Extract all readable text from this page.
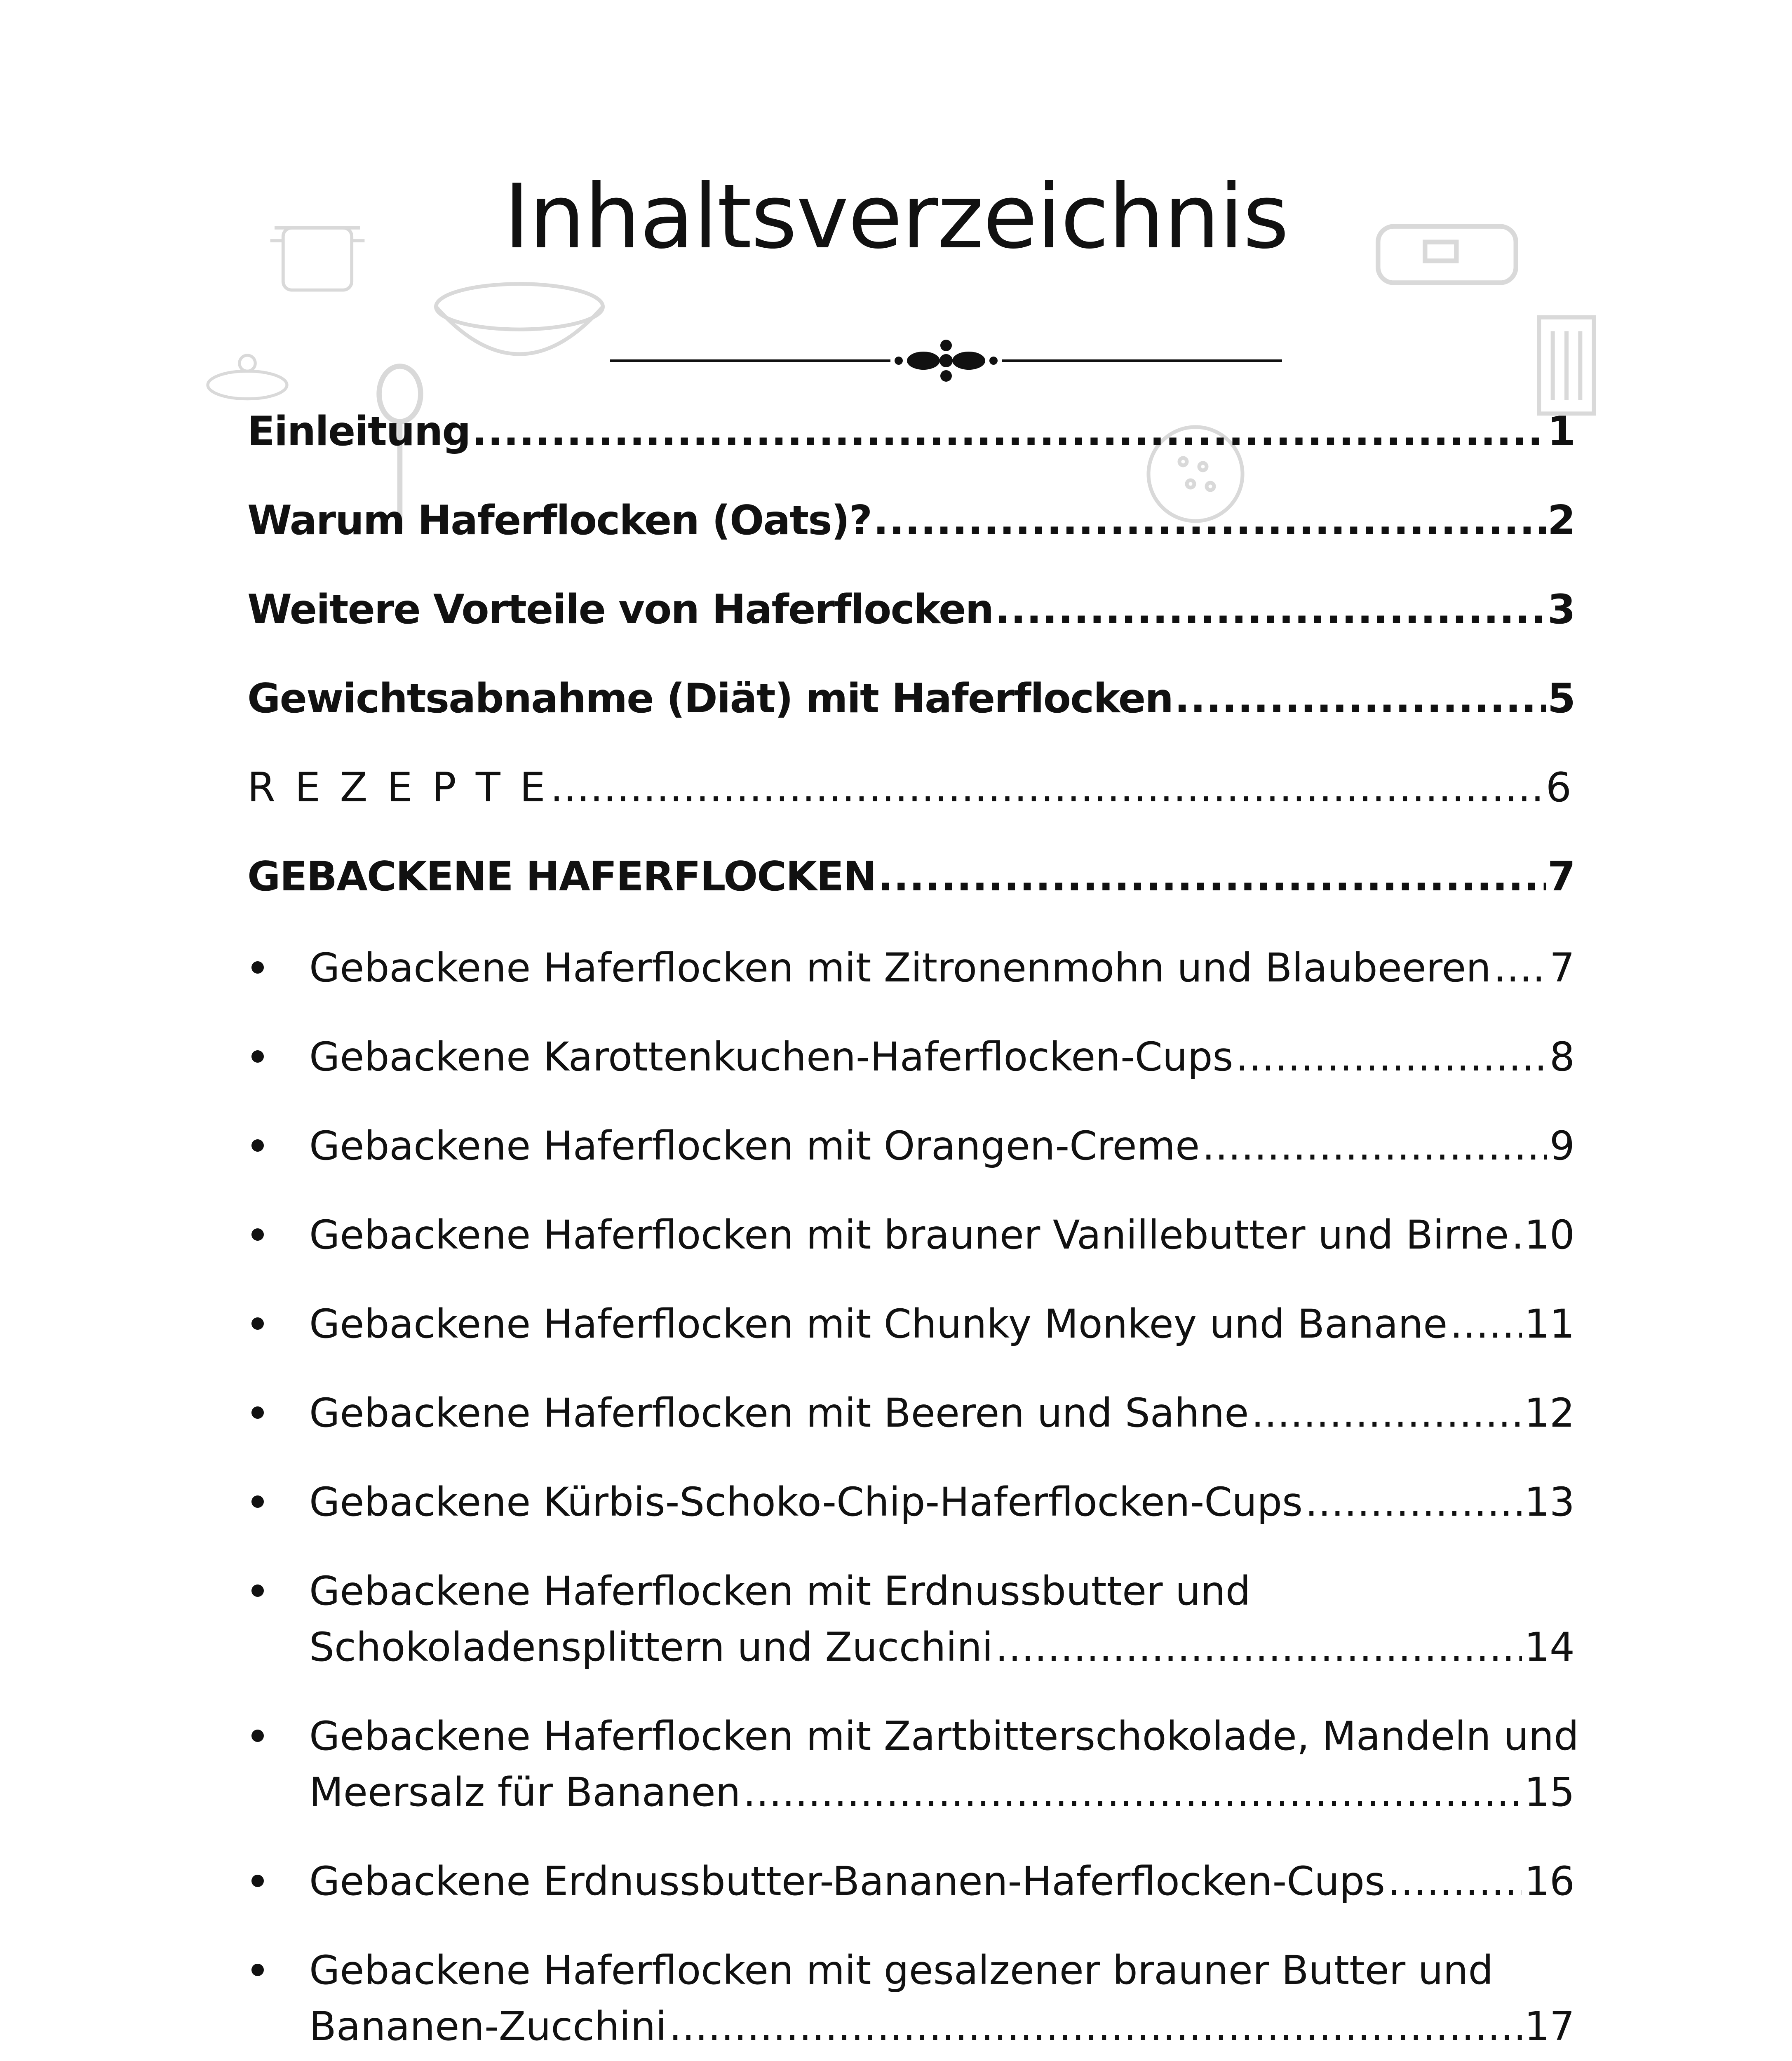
Inhaltsverzeichnis
Einleitung .....	1
Warum Haferflocken (Oats)? .....	2
Weitere Vorteile von Haferflocken .....	3
Gewichtsabnahme (Diät) mit Haferflocken .....	5
R E Z E P T E .....	6
GEBACKENE HAFERFLOCKEN .....	7
Gebackene Haferflocken mit Zitronenmohn und Blaubeeren ..... 7
Gebackene Karottenkuchen-Haferflocken-Cups .....	8
Gebackene Haferflocken mit Orangen-Creme .....	9
Gebackene Haferflocken mit brauner Vanillebutter und Birne ..... 10
Gebackene Haferflocken mit Chunky Monkey und Banane ..... 11
Gebackene Haferflocken mit Beeren und Sahne .....	12
Gebackene Kürbis-Schoko-Chip-Haferflocken-Cups .....	13
Gebackene Haferflocken mit Erdnussbutter und
Schokoladensplittern und Zucchini .....	14
Gebackene Haferflocken mit Zartbitterschokolade, Mandeln und
Meersalz für Bananen .....	15
Gebackene Erdnussbutter-Bananen-Haferflocken-Cups .....	16
Gebackene Haferflocken mit gesalzener brauner Butter und
Bananen-Zucchini .....	17
